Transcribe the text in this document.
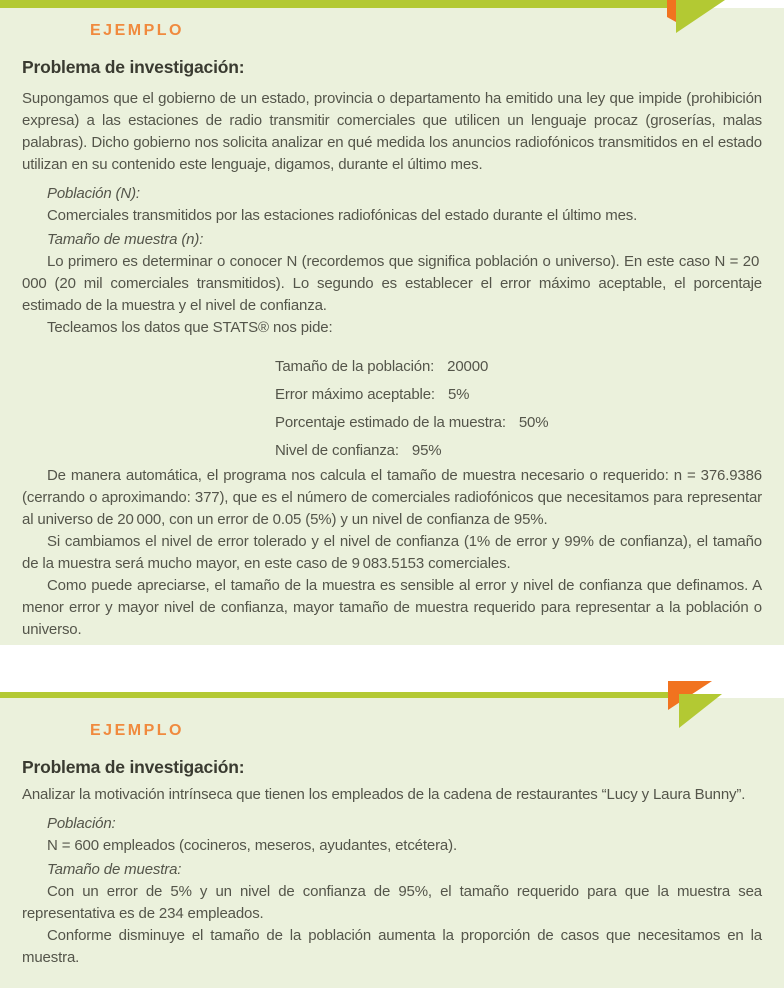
EJEMPLO
Problema de investigación:

Supongamos que el gobierno de un estado, provincia o departamento ha emitido una ley que impide (prohibición expresa) a las estaciones de radio transmitir comerciales que utilicen un lenguaje procaz (groserías, malas palabras). Dicho gobierno nos solicita analizar en qué medida los anuncios radiofónicos transmitidos en el estado utilizan en su contenido este lenguaje, digamos, durante el último mes.

Población (N):

Comerciales transmitidos por las estaciones radiofónicas del estado durante el último mes.

Tamaño de muestra (n):

Lo primero es determinar o conocer N (recordemos que significa población o universo). En este caso N = 20 000 (20 mil comerciales transmitidos). Lo segundo es establecer el error máximo aceptable, el porcentaje estimado de la muestra y el nivel de confianza.

Tecleamos los datos que STATS® nos pide:

Tamaño de la población: 20000
Error máximo aceptable: 5%
Porcentaje estimado de la muestra: 50%
Nivel de confianza: 95%

De manera automática, el programa nos calcula el tamaño de muestra necesario o requerido: n = 376.9386 (cerrando o aproximando: 377), que es el número de comerciales radiofónicos que necesitamos para representar al universo de 20 000, con un error de 0.05 (5%) y un nivel de confianza de 95%.

Si cambiamos el nivel de error tolerado y el nivel de confianza (1% de error y 99% de confianza), el tamaño de la muestra será mucho mayor, en este caso de 9 083.5153 comerciales.

Como puede apreciarse, el tamaño de la muestra es sensible al error y nivel de confianza que definamos. A menor error y mayor nivel de confianza, mayor tamaño de muestra requerido para representar a la población o universo.

EJEMPLO
Problema de investigación:

Analizar la motivación intrínseca que tienen los empleados de la cadena de restaurantes “Lucy y Laura Bunny”.

Población:

N = 600 empleados (cocineros, meseros, ayudantes, etcétera).

Tamaño de muestra:

Con un error de 5% y un nivel de confianza de 95%, el tamaño requerido para que la muestra sea representativa es de 234 empleados.

Conforme disminuye el tamaño de la población aumenta la proporción de casos que necesitamos en la muestra.
